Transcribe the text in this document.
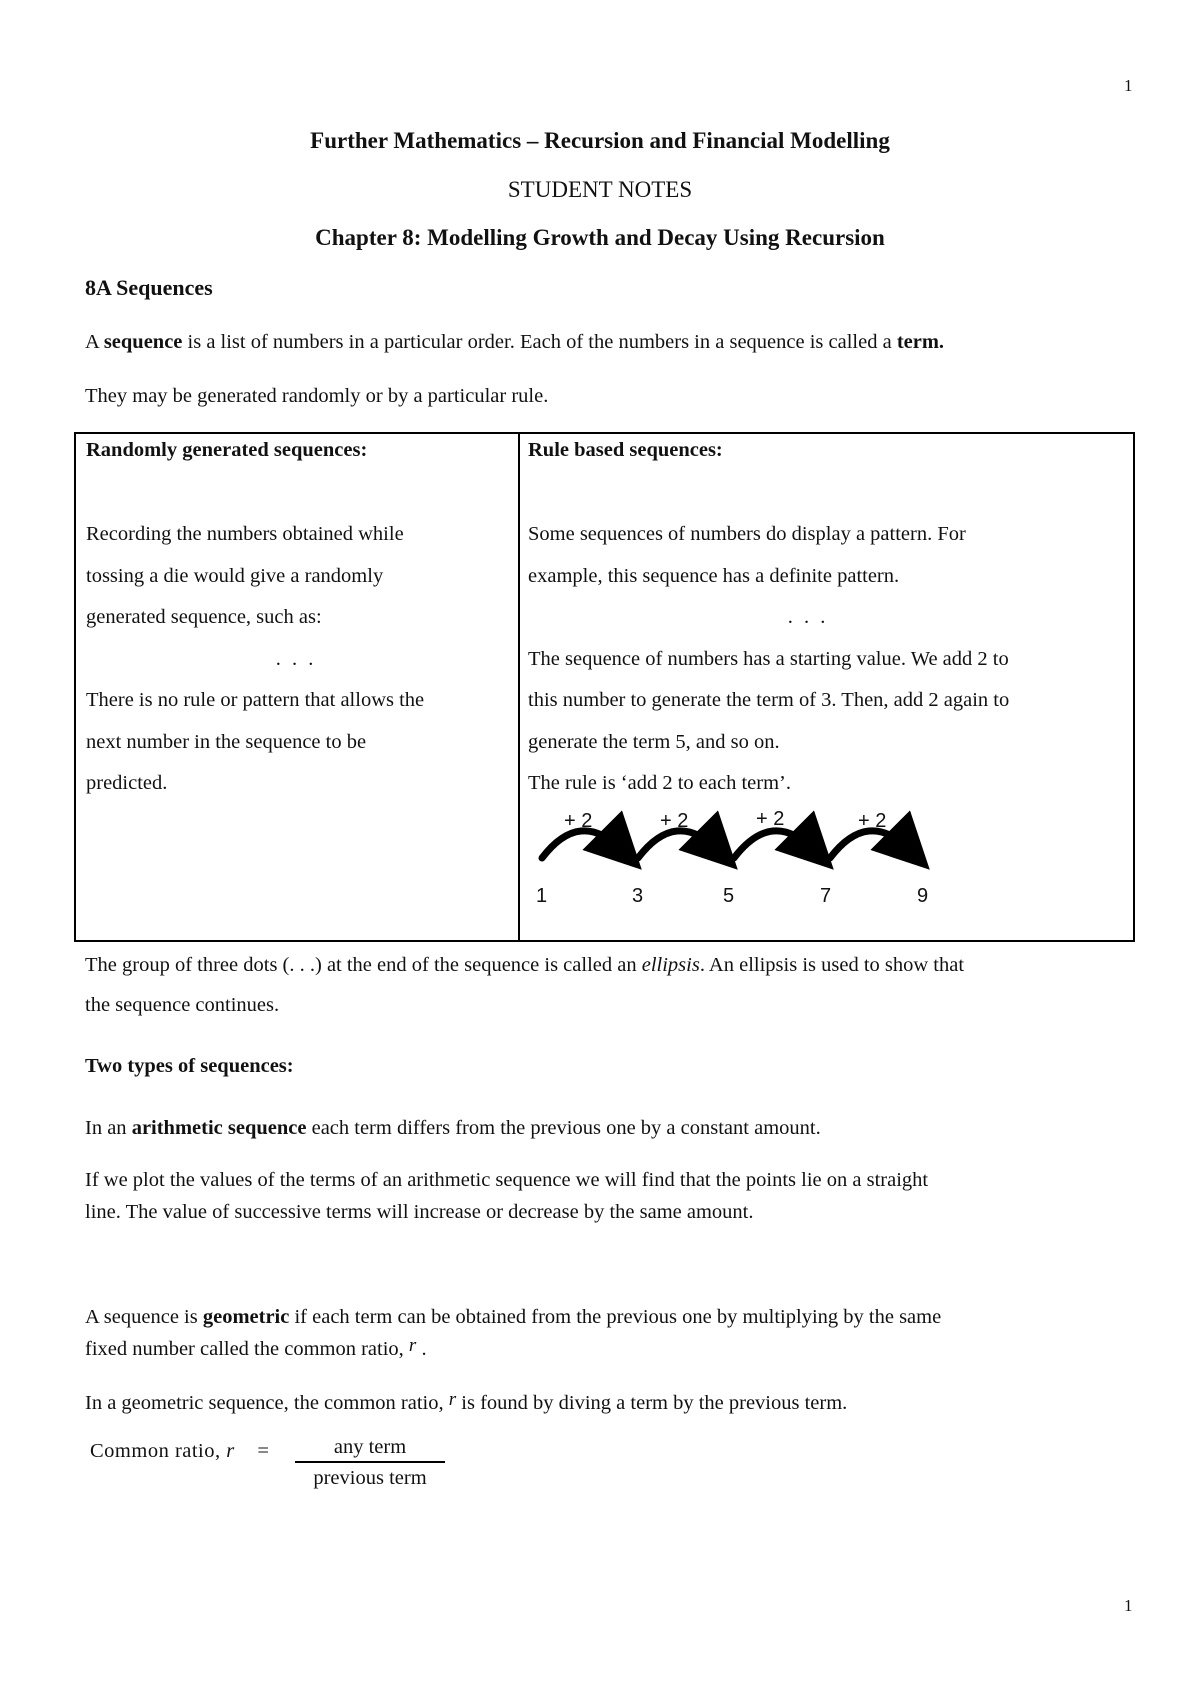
1
Further Mathematics – Recursion and Financial Modelling
STUDENT NOTES
Chapter 8: Modelling Growth and Decay Using Recursion
8A Sequences
A sequence is a list of numbers in a particular order. Each of the numbers in a sequence is called a term.
They may be generated randomly or by a particular rule.
Randomly generated sequences:
Recording the numbers obtained while
tossing a die would give a randomly
generated sequence, such as:
. . .
There is no rule or pattern that allows the
next number in the sequence to be
predicted.
Rule based sequences:
Some sequences of numbers do display a pattern. For
example, this sequence has a definite pattern.
. . .
The sequence of numbers has a starting value. We add 2 to
this number to generate the term of 3. Then, add 2 again to
generate the term 5, and so on.
The rule is ‘add 2 to each term’.
+ 2	+ 2	+ 2	+ 2
1	3	5	7	9
The group of three dots (. . .) at the end of the sequence is called an ellipsis. An ellipsis is used to show that
the sequence continues.
Two types of sequences:
In an arithmetic sequence each term differs from the previous one by a constant amount.
If we plot the values of the terms of an arithmetic sequence we will find that the points lie on a straight
line. The value of successive terms will increase or decrease by the same amount.
A sequence is geometric if each term can be obtained from the previous one by multiplying by the same
fixed number called the common ratio, r .
In a geometric sequence, the common ratio, r is found by diving a term by the previous term.
Common ratio, r =	any term
previous term
1
